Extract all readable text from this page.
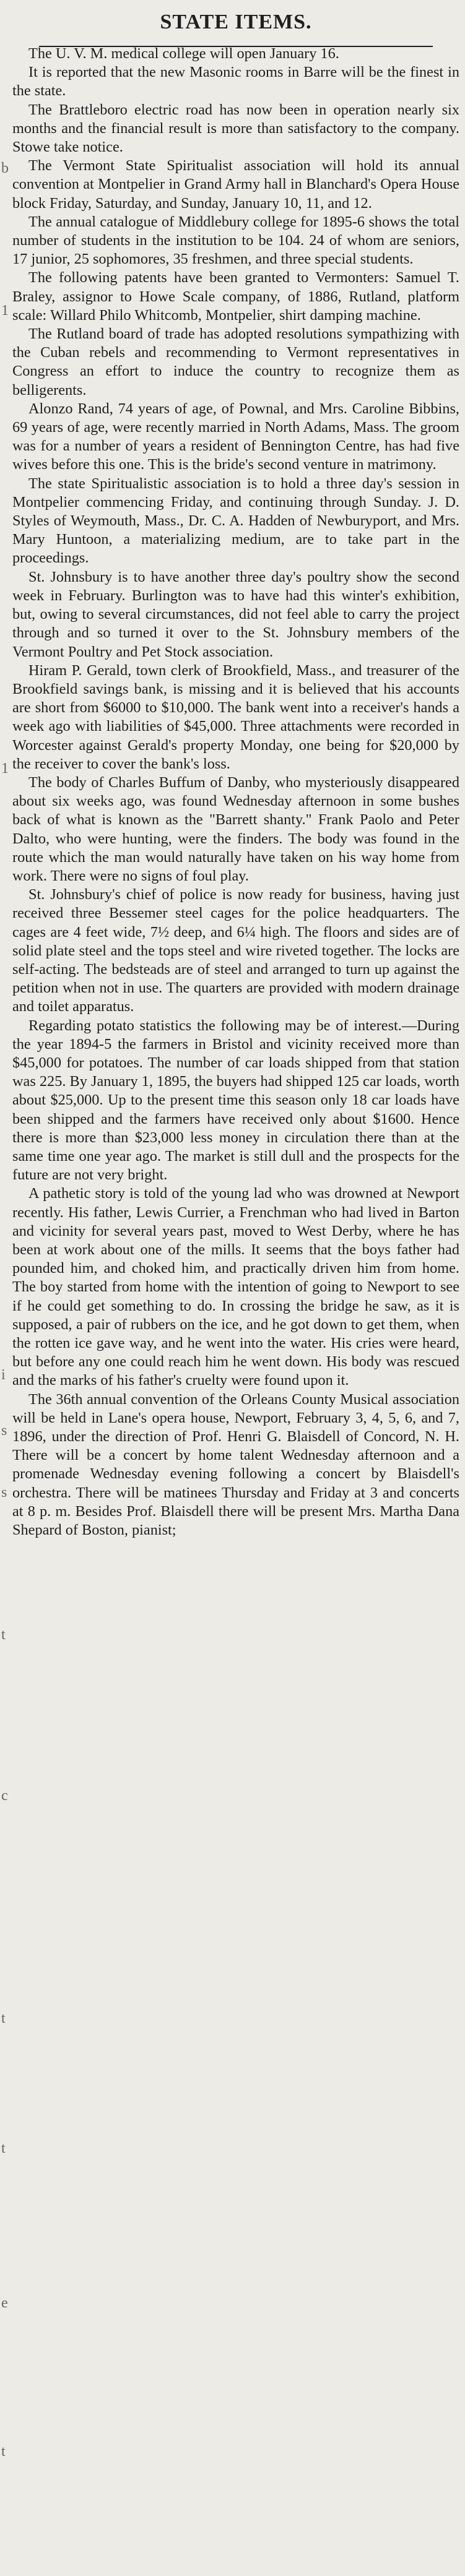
b
1
1
i
s
s
t
c
t
t
e
t
STATE ITEMS.

The U. V. M. medical college will open January 16.

It is reported that the new Masonic rooms in Barre will be the finest in the state.

The Brattleboro electric road has now been in operation nearly six months and the financial result is more than satisfactory to the company. Stowe take notice.

The Vermont State Spiritualist association will hold its annual convention at Montpelier in Grand Army hall in Blanchard's Opera House block Friday, Saturday, and Sunday, January 10, 11, and 12.

The annual catalogue of Middlebury college for 1895-6 shows the total number of students in the institution to be 104. 24 of whom are seniors, 17 junior, 25 sophomores, 35 freshmen, and three special students.

The following patents have been granted to Vermonters: Samuel T. Braley, assignor to Howe Scale company, of 1886, Rutland, platform scale: Willard Philo Whitcomb, Montpelier, shirt damping machine.

The Rutland board of trade has adopted resolutions sympathizing with the Cuban rebels and recommending to Vermont representatives in Congress an effort to induce the country to recognize them as belligerents.

Alonzo Rand, 74 years of age, of Pownal, and Mrs. Caroline Bibbins, 69 years of age, were recently married in North Adams, Mass. The groom was for a number of years a resident of Bennington Centre, has had five wives before this one. This is the bride's second venture in matrimony.

The state Spiritualistic association is to hold a three day's session in Montpelier commencing Friday, and continuing through Sunday. J. D. Styles of Weymouth, Mass., Dr. C. A. Hadden of Newburyport, and Mrs. Mary Huntoon, a materializing medium, are to take part in the proceedings.

St. Johnsbury is to have another three day's poultry show the second week in February. Burlington was to have had this winter's exhibition, but, owing to several circumstances, did not feel able to carry the project through and so turned it over to the St. Johnsbury members of the Vermont Poultry and Pet Stock association.

Hiram P. Gerald, town clerk of Brookfield, Mass., and treasurer of the Brookfield savings bank, is missing and it is believed that his accounts are short from $6000 to $10,000. The bank went into a receiver's hands a week ago with liabilities of $45,000. Three attachments were recorded in Worcester against Gerald's property Monday, one being for $20,000 by the receiver to cover the bank's loss.

The body of Charles Buffum of Danby, who mysteriously disappeared about six weeks ago, was found Wednesday afternoon in some bushes back of what is known as the "Barrett shanty." Frank Paolo and Peter Dalto, who were hunting, were the finders. The body was found in the route which the man would naturally have taken on his way home from work. There were no signs of foul play.

St. Johnsbury's chief of police is now ready for business, having just received three Bessemer steel cages for the police headquarters. The cages are 4 feet wide, 7½ deep, and 6¼ high. The floors and sides are of solid plate steel and the tops steel and wire riveted together. The locks are self-acting. The bedsteads are of steel and arranged to turn up against the petition when not in use. The quarters are provided with modern drainage and toilet apparatus.

Regarding potato statistics the following may be of interest.—During the year 1894-5 the farmers in Bristol and vicinity received more than $45,000 for potatoes. The number of car loads shipped from that station was 225. By January 1, 1895, the buyers had shipped 125 car loads, worth about $25,000. Up to the present time this season only 18 car loads have been shipped and the farmers have received only about $1600. Hence there is more than $23,000 less money in circulation there than at the same time one year ago. The market is still dull and the prospects for the future are not very bright.

A pathetic story is told of the young lad who was drowned at Newport recently. His father, Lewis Currier, a Frenchman who had lived in Barton and vicinity for several years past, moved to West Derby, where he has been at work about one of the mills. It seems that the boys father had pounded him, and choked him, and practically driven him from home. The boy started from home with the intention of going to Newport to see if he could get something to do. In crossing the bridge he saw, as it is supposed, a pair of rubbers on the ice, and he got down to get them, when the rotten ice gave way, and he went into the water. His cries were heard, but before any one could reach him he went down. His body was rescued and the marks of his father's cruelty were found upon it.

The 36th annual convention of the Orleans County Musical association will be held in Lane's opera house, Newport, February 3, 4, 5, 6, and 7, 1896, under the direction of Prof. Henri G. Blaisdell of Concord, N. H. There will be a concert by home talent Wednesday afternoon and a promenade Wednesday evening following a concert by Blaisdell's orchestra. There will be matinees Thursday and Friday at 3 and concerts at 8 p. m. Besides Prof. Blaisdell there will be present Mrs. Martha Dana Shepard of Boston, pianist;
